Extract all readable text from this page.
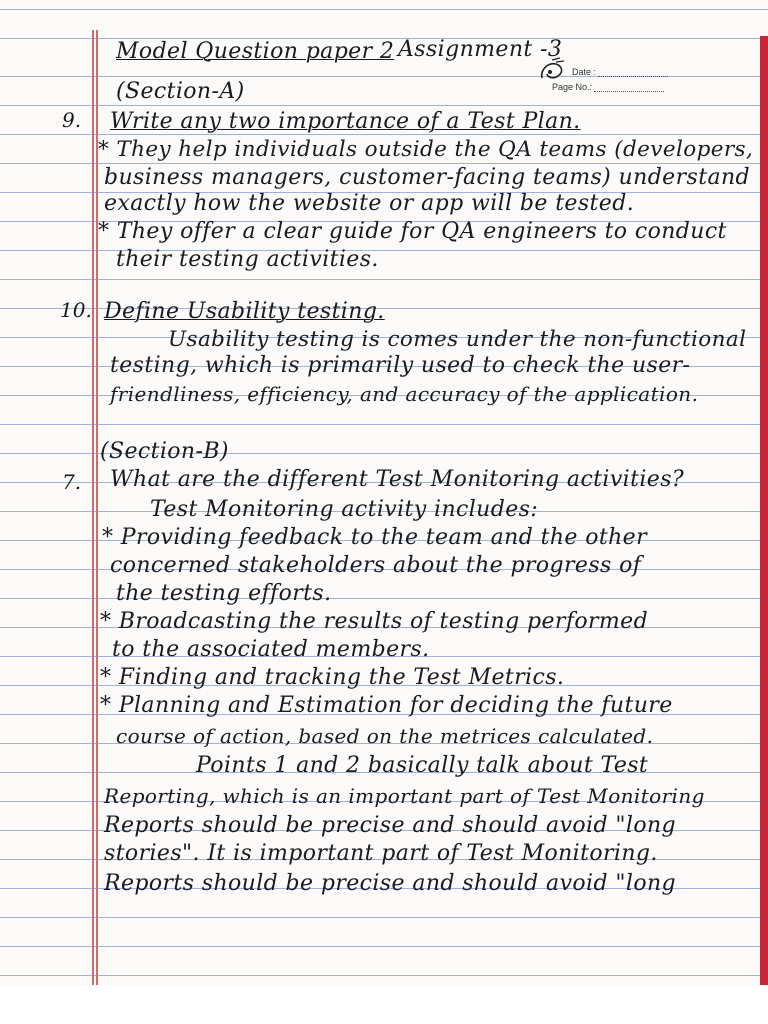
Model Question paper 2 Assignment -3
Date :
Page No.:
(Section-A)
9. Write any two importance of a Test Plan.
* They help individuals outside the QA teams (developers,
business managers, customer-facing teams) understand
exactly how the website or app will be tested.
* They offer a clear guide for QA engineers to conduct
their testing activities.
10. Define Usability testing.
Usability testing is comes under the non-functional
testing, which is primarily used to check the user-
friendliness, efficiency, and accuracy of the application.
(Section-B)
7. What are the different Test Monitoring activities?
Test Monitoring activity includes:
* Providing feedback to the team and the other
concerned stakeholders about the progress of
the testing efforts.
* Broadcasting the results of testing performed
to the associated members.
* Finding and tracking the Test Metrics.
* Planning and Estimation for deciding the future
course of action, based on the metrices calculated.
Points 1 and 2 basically talk about Test
Reporting, which is an important part of Test Monitoring
Reports should be precise and should avoid "long
stories". It is important part of Test Monitoring.
Reports should be precise and should avoid "long
